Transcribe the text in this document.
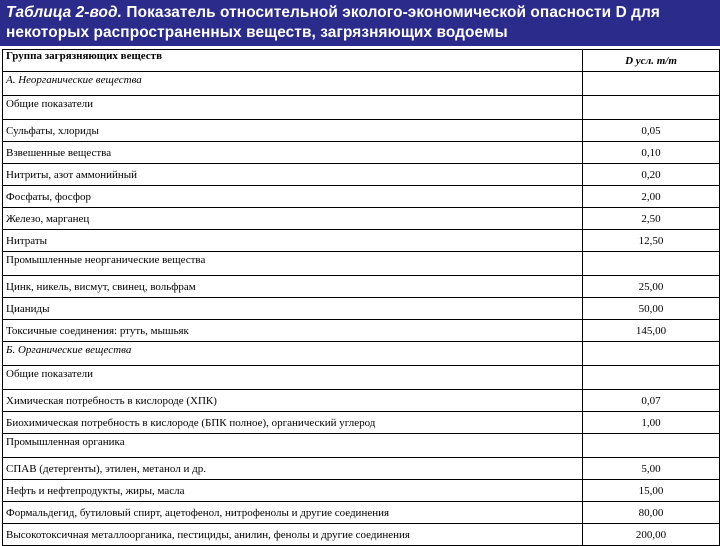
Таблица 2-вод. Показатель относительной эколого-экономической опасности D для некоторых распространенных веществ, загрязняющих водоемы

Группа загрязняющих веществ	D усл. т/т
А. Неорганические вещества	
Общие показатели	
Сульфаты, хлориды	0,05
Взвешенные вещества	0,10
Нитриты, азот аммонийный	0,20
Фосфаты, фосфор	2,00
Железо, марганец	2,50
Нитраты	12,50
Промышленные неорганические вещества	
Цинк, никель, висмут, свинец, вольфрам	25,00
Цианиды	50,00
Токсичные соединения: ртуть, мышьяк	145,00
Б. Органические вещества	
Общие показатели	
Химическая потребность в кислороде (ХПК)	0,07
Биохимическая потребность в кислороде (БПК полное), органический углерод	1,00
Промышленная органика	
СПАВ (детергенты), этилен, метанол и др.	5,00
Нефть и нефтепродукты, жиры, масла	15,00
Формальдегид, бутиловый спирт, ацетофенол, нитрофенолы и другие соединения	80,00
Высокотоксичная металлоорганика, пестициды, анилин, фенолы и другие соединения	200,00
